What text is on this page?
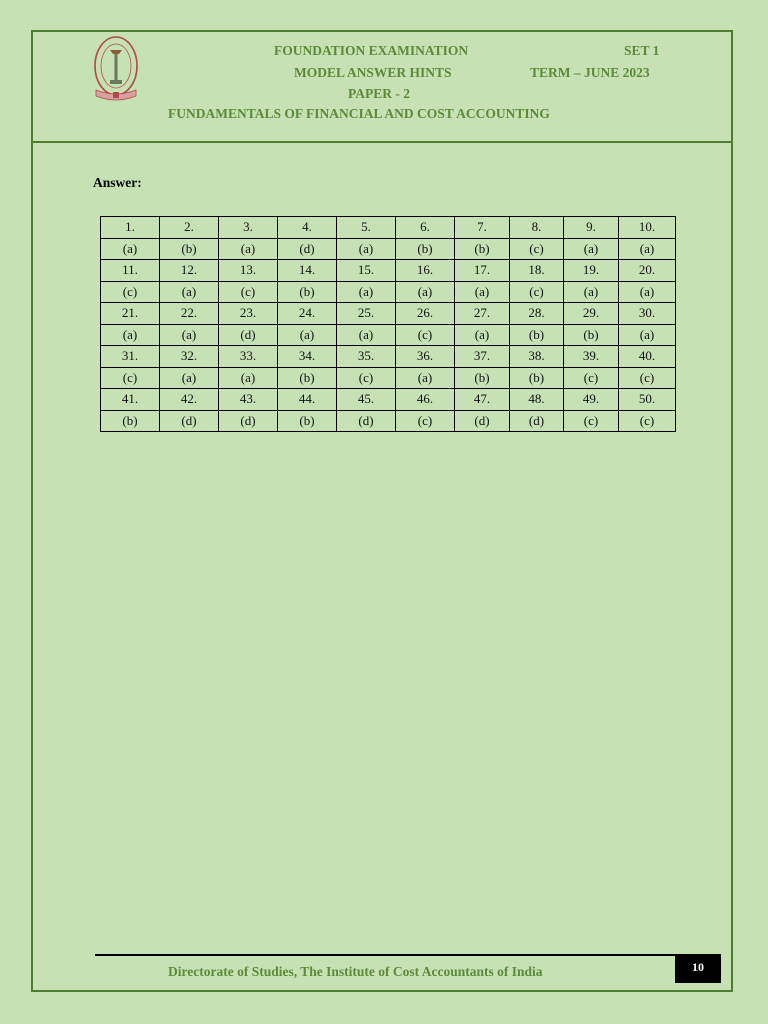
FOUNDATION EXAMINATION	SET 1
MODEL ANSWER HINTS	TERM – JUNE 2023
PAPER - 2
FUNDAMENTALS OF FINANCIAL AND COST ACCOUNTING
Answer:
1.	2.	3.	4.	5.	6.	7.	8.	9.	10.
(a)	(b)	(a)	(d)	(a)	(b)	(b)	(c)	(a)	(a)
11.	12.	13.	14.	15.	16.	17.	18.	19.	20.
(c)	(a)	(c)	(b)	(a)	(a)	(a)	(c)	(a)	(a)
21.	22.	23.	24.	25.	26.	27.	28.	29.	30.
(a)	(a)	(d)	(a)	(a)	(c)	(a)	(b)	(b)	(a)
31.	32.	33.	34.	35.	36.	37.	38.	39.	40.
(c)	(a)	(a)	(b)	(c)	(a)	(b)	(b)	(c)	(c)
41.	42.	43.	44.	45.	46.	47.	48.	49.	50.
(b)	(d)	(d)	(b)	(d)	(c)	(d)	(d)	(c)	(c)
Directorate of Studies, The Institute of Cost Accountants of India	10
